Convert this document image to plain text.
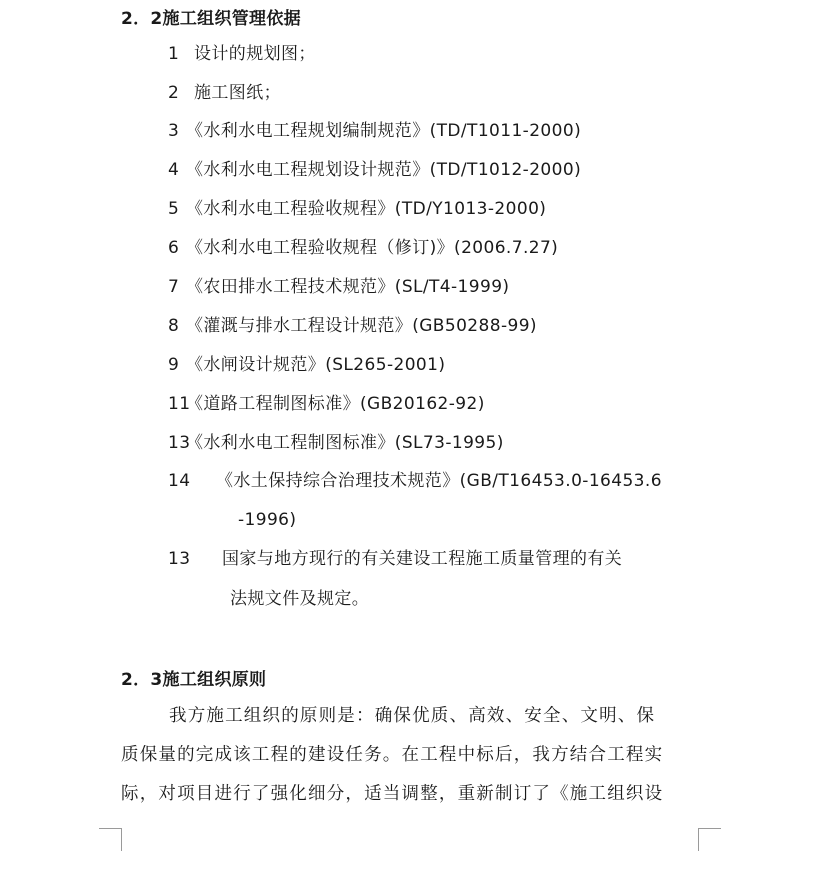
2．2施工组织管理依据
1 设计的规划图；
2 施工图纸；
3 《水利水电工程规划编制规范》(TD/T1011-2000)
4 《水利水电工程规划设计规范》(TD/T1012-2000)
5 《水利水电工程验收规程》(TD/Y1013-2000)
6 《水利水电工程验收规程（修订)》(2006.7.27)
7 《农田排水工程技术规范》(SL/T4-1999)
8 《灌溉与排水工程设计规范》(GB50288-99)
9 《水闸设计规范》(SL265-2001)
11《道路工程制图标准》(GB20162-92)
13《水利水电工程制图标准》(SL73-1995)
14 《水土保持综合治理技术规范》(GB/T16453.0-16453.6
-1996)
13 国家与地方现行的有关建设工程施工质量管理的有关
法规文件及规定。
2．3施工组织原则
我方施工组织的原则是：确保优质、高效、安全、文明、保
质保量的完成该工程的建设任务。在工程中标后，我方结合工程实
际，对项目进行了强化细分，适当调整，重新制订了《施工组织设
